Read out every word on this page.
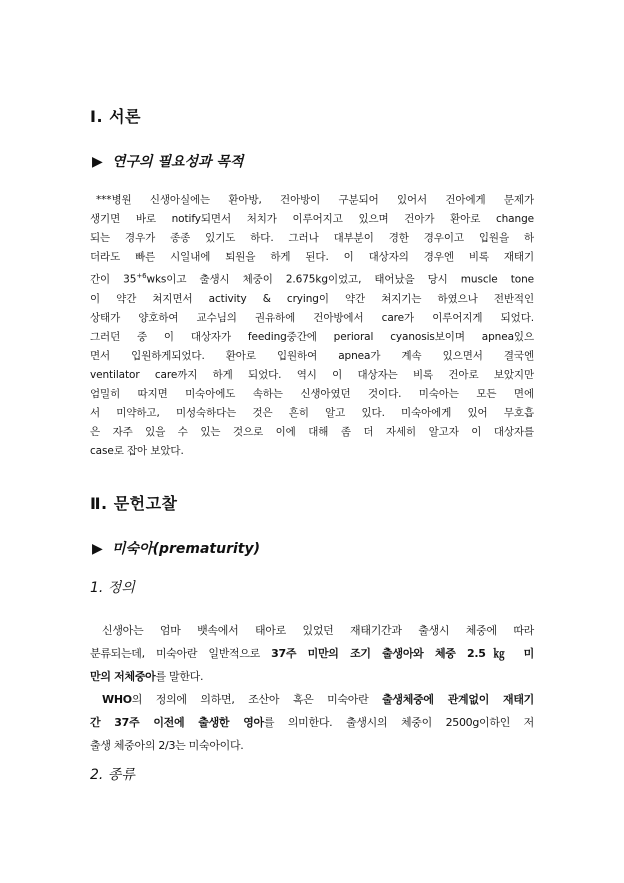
Ⅰ. 서론
▶ 연구의 필요성과 목적
***병원 신생아실에는 환아방, 건아방이 구분되어 있어서 건아에게 문제가
생기면 바로 notify되면서 처치가 이루어지고 있으며 건아가 환아로 change
되는 경우가 종종 있기도 하다. 그러나 대부분이 경한 경우이고 입원을 하
더라도 빠른 시일내에 퇴원을 하게 된다. 이 대상자의 경우엔 비록 재태기
간이 $35^{+6}wks$이고 출생시 체중이 2.675kg이었고, 태어났을 당시 muscle tone
이 약간 쳐지면서 activity & crying이 약간 쳐지기는 하였으나 전반적인
상태가 양호하여 교수님의 권유하에 건아방에서 care가 이루어지게 되었다.
그러던 중 이 대상자가 feeding중간에 perioral cyanosis보이며 apnea있으
면서 입원하게되었다. 환아로 입원하여 apnea가 계속 있으면서 결국엔
ventilator care까지 하게 되었다. 역시 이 대상자는 비록 건아로 보았지만
엄밀히 따지면 미숙아에도 속하는 신생아였던 것이다. 미숙아는 모든 면에
서 미약하고, 미성숙하다는 것은 흔히 알고 있다. 미숙아에게 있어 무호흡
은 자주 있을 수 있는 것으로 이에 대해 좀 더 자세히 알고자 이 대상자를
case로 잡아 보았다.
Ⅱ. 문헌고찰
▶ 미숙아(prematurity)
1. 정의
신생아는 엄마 뱃속에서 태아로 있었던 재태기간과 출생시 체중에 따라
분류되는데, 미숙아란 일반적으로 37주 미만의 조기 출생아와 체중 2.5㎏ 미
만의 저체중아를 말한다.
WHO의 정의에 의하면, 조산아 혹은 미숙아란 출생체중에 관계없이 재태기
간 37주 이전에 출생한 영아를 의미한다. 출생시의 체중이 2500g이하인 저
출생 체중아의 2/3는 미숙아이다.
2. 종류
